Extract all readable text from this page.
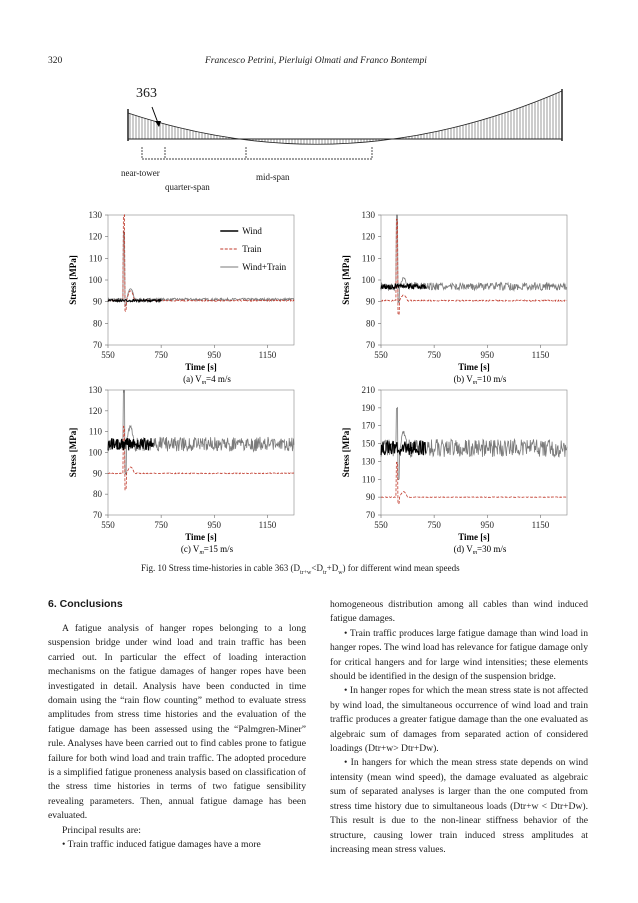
320	Francesco Petrini, Pierluigi Olmati and Franco Bontempi
363
near-tower
quarter-span
mid-span
70
80
90
100
110
120
130
550	750	950	1150
Time [s]
Stress [MPa]
(a) $V_m=4$ m/s
Wind
Train
Wind+Train
70
80
90
100
110
120
130
550	750	950	1150
Time [s]
Stress [MPa]
(b) $V_m=10$ m/s
70
80
90
100
110
120
130
550	750	950	1150
Time [s]
Stress [MPa]
(c) $V_m=15$ m/s
70
90
110
130
150
170
190
210
550	750	950	1150
Time [s]
Stress [MPa]
(d) $V_m=30$ m/s
Fig. 10 Stress time-histories in cable 363 $(D_{tr+w}<D_{tr}+D_w)$ for different wind mean speeds
6. Conclusions

A fatigue analysis of hanger ropes belonging to a long suspension bridge under wind load and train traffic has been carried out. In particular the effect of loading interaction mechanisms on the fatigue damages of hanger ropes have been investigated in detail. Analysis have been conducted in time domain using the “rain flow counting” method to evaluate stress amplitudes from stress time histories and the evaluation of the fatigue damage has been assessed using the “Palmgren-Miner” rule. Analyses have been carried out to find cables prone to fatigue failure for both wind load and train traffic. The adopted procedure is a simplified fatigue proneness analysis based on classification of the stress time histories in terms of two fatigue sensibility revealing parameters. Then, annual fatigue damage has been evaluated.

Principal results are:

• Train traffic induced fatigue damages have a more

homogeneous distribution among all cables than wind induced fatigue damages.

• Train traffic produces large fatigue damage than wind load in hanger ropes. The wind load has relevance for fatigue damage only for critical hangers and for large wind intensities; these elements should be identified in the design of the suspension bridge.

• In hanger ropes for which the mean stress state is not affected by wind load, the simultaneous occurrence of wind load and train traffic produces a greater fatigue damage than the one evaluated as algebraic sum of damages from separated action of considered loadings (Dtr+w> Dtr+Dw).

• In hangers for which the mean stress state depends on wind intensity (mean wind speed), the damage evaluated as algebraic sum of separated analyses is larger than the one computed from stress time history due to simultaneous loads (Dtr+w < Dtr+Dw). This result is due to the non-linear stiffness behavior of the structure, causing lower train induced stress amplitudes at increasing mean stress values.
